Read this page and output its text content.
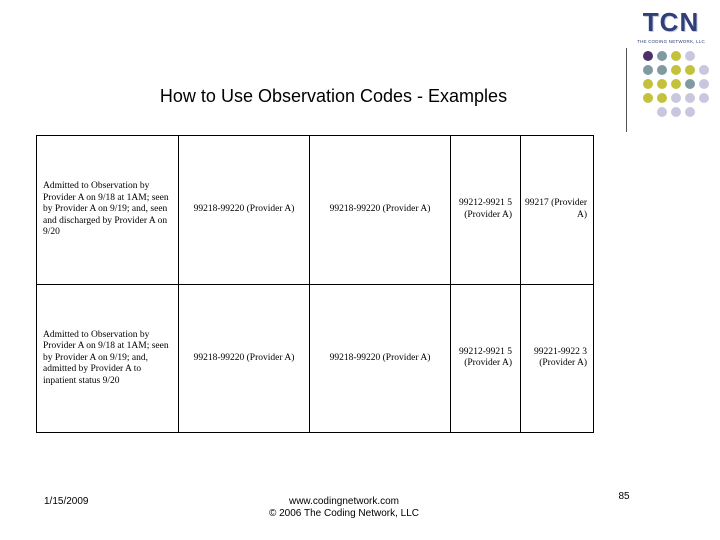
TCN
THE CODING NETWORK, LLC
How to Use Observation Codes - Examples
Admitted to Observation by Provider A on 9/18 at 1AM; seen by Provider A on 9/19; and, seen and discharged by Provider A on 9/20	99218-99220 (Provider A)	99218-99220 (Provider A)	99212-9921 5 (Provider A)	99217 (Provider A)
Admitted to Observation by Provider A on 9/18 at 1AM; seen by Provider A on 9/19; and, admitted by Provider A to inpatient status 9/20	99218-99220 (Provider A)	99218-99220 (Provider A)	99212-9921 5 (Provider A)	99221-9922 3 (Provider A)
1/15/2009	www.codingnetwork.com
© 2006 The Coding Network, LLC
85
